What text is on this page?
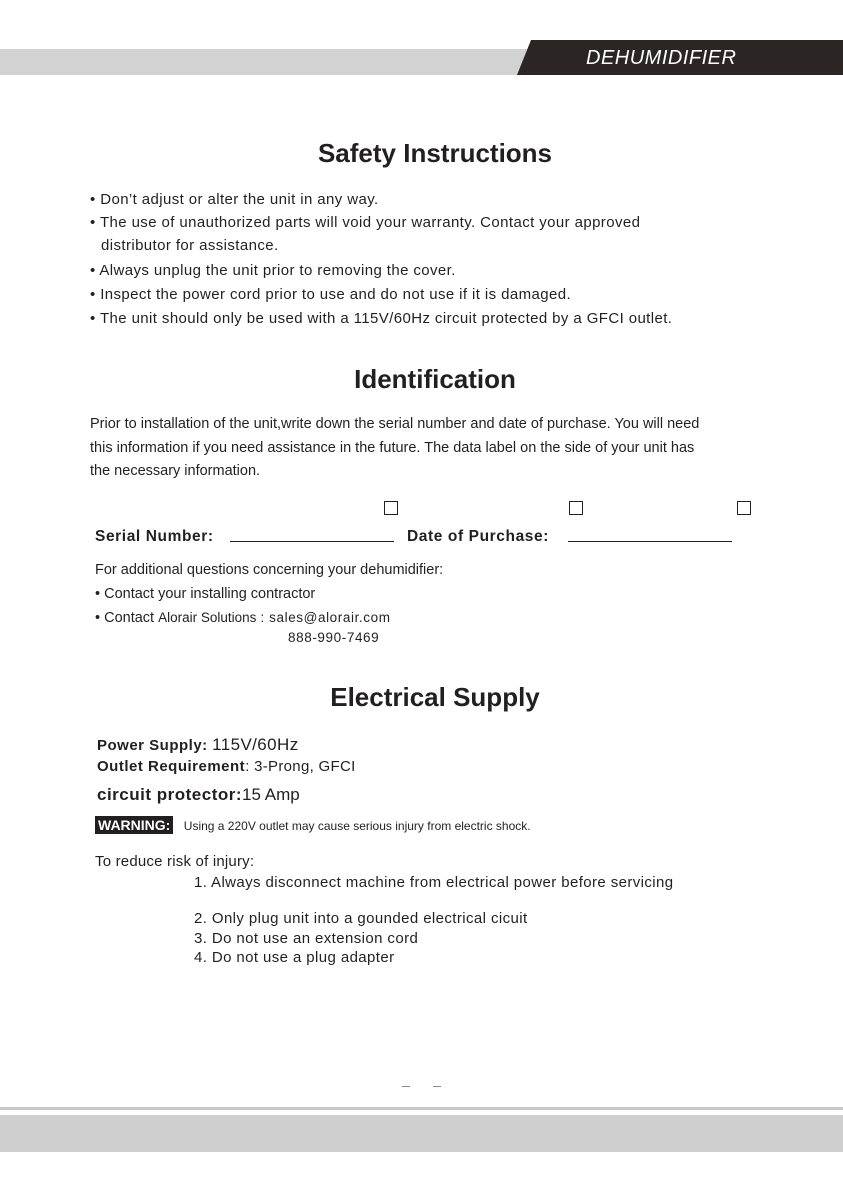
DEHUMIDIFIER
Safety Instructions
• Don’t adjust or alter the unit in any way.
• The use of unauthorized parts will void your warranty. Contact your approved
distributor for assistance.
• Always unplug the unit prior to removing the cover.
• Inspect the power cord prior to use and do not use if it is damaged.
• The unit should only be used with a 115V/60Hz circuit protected by a GFCI outlet.
Identification
Prior to installation of the unit,write down the serial number and date of purchase. You will need
this information if you need assistance in the future. The data label on the side of your unit has
the necessary information.
Serial Number:	Date of Purchase:
For additional questions concerning your dehumidifier:
• Contact your installing contractor
• Contact Alorair Solutions : sales@alorair.com
888-990-7469
Electrical Supply
Power Supply: 115V/60Hz
Outlet Requirement: 3-Prong, GFCI
circuit protector:15 Amp
WARNING: Using a 220V outlet may cause serious injury from electric shock.
To reduce risk of injury:
1. Always disconnect machine from electrical power before servicing
2. Only plug unit into a gounded electrical cicuit
3. Do not use an extension cord
4. Do not use a plug adapter
